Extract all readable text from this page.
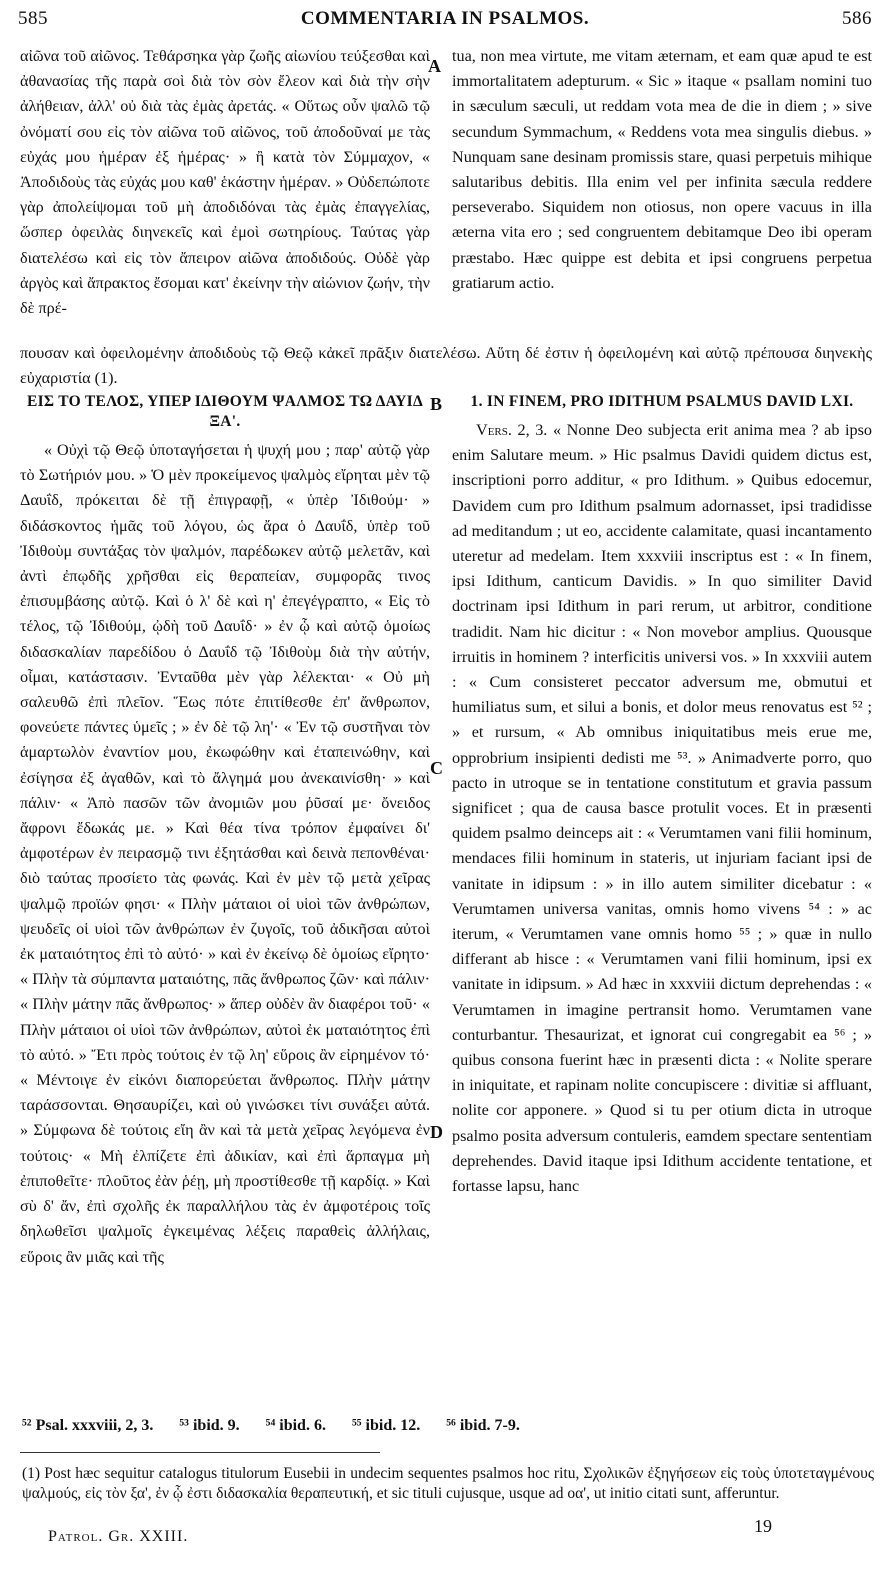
585	COMMENTARIA IN PSALMOS.	586

αἰῶνα τοῦ αἰῶνος. Τεθάρσηκα γὰρ ζωῆς αἰωνίου τεύξεσθαι καὶ ἀθανασίας τῆς παρὰ σοὶ διὰ τὸν σὸν ἔλεον καὶ διὰ τὴν σὴν ἀλήθειαν, ἀλλ' οὐ διὰ τὰς ἐμὰς ἀρετάς. « Οὕτως οὖν ψαλῶ τῷ ὀνόματί σου εἰς τὸν αἰῶνα τοῦ αἰῶνος, τοῦ ἀποδοῦναί με τὰς εὐχάς μου ἡμέραν ἐξ ἡμέρας· » ἢ κατὰ τὸν Σύμμαχον, « Ἀποδιδοὺς τὰς εὐχάς μου καθ' ἑκάστην ἡμέραν. » Οὐδεπώποτε γὰρ ἀπολείψομαι τοῦ μὴ ἀποδιδόναι τὰς ἐμὰς ἐπαγγελίας, ὥσπερ ὀφειλὰς διηνεκεῖς καὶ ἐμοὶ σωτηρίους. Ταύτας γὰρ διατελέσω καὶ εἰς τὸν ἄπειρον αἰῶνα ἀποδιδούς. Οὐδὲ γὰρ ἀργὸς καὶ ἄπρακτος ἔσομαι κατ' ἐκείνην τὴν αἰώνιον ζωήν, τὴν δὲ πρέ-

tua, non mea virtute, me vitam æternam, et eam quæ apud te est immortalitatem adepturum. « Sic » itaque « psallam nomini tuo in sæculum sæculi, ut reddam vota mea de die in diem ; » sive secundum Symmachum, « Reddens vota mea singulis diebus. » Nunquam sane desinam promissis stare, quasi perpetuis mihique salutaribus debitis. Illa enim vel per infinita sæcula reddere perseverabo. Siquidem non otiosus, non opere vacuus in illa æterna vita ero ; sed congruentem debitamque Deo ibi operam præstabo. Hæc quippe est debita et ipsi congruens perpetua gratiarum actio.

A

πουσαν καὶ ὀφειλομένην ἀποδιδοὺς τῷ Θεῷ κἀκεῖ πρᾶξιν διατελέσω. Αὕτη δέ ἐστιν ἡ ὀφειλομένη καὶ αὐτῷ πρέπουσα διηνεκὴς εὐχαριστία (1).

ΕΙΣ ΤΟ ΤΕΛΟΣ, ΥΠΕΡ ΙΔΙΘΟΥΜ ΨΑΛΜΟΣ ΤΩ ΔΑΥΙΔ ΞΑ'.

« Οὐχὶ τῷ Θεῷ ὑποταγήσεται ἡ ψυχή μου ; παρ' αὐτῷ γὰρ τὸ Σωτήριόν μου. » Ὁ μὲν προκείμενος ψαλμὸς εἴρηται μὲν τῷ Δαυΐδ, πρόκειται δὲ τῇ ἐπιγραφῇ, « ὑπὲρ Ἰδιθούμ· » διδάσκοντος ἡμᾶς τοῦ λόγου, ὡς ἄρα ὁ Δαυΐδ, ὑπὲρ τοῦ Ἰδιθοὺμ συντάξας τὸν ψαλμόν, παρέδωκεν αὐτῷ μελετᾶν, καὶ ἀντὶ ἐπῳδῆς χρῆσθαι εἰς θεραπείαν, συμφορᾶς τινος ἐπισυμβάσης αὐτῷ. Καὶ ὁ λ' δὲ καὶ η' ἐπεγέγραπτο, « Εἰς τὸ τέλος, τῷ Ἰδιθούμ, ᾠδὴ τοῦ Δαυΐδ· » ἐν ᾧ καὶ αὐτῷ ὁμοίως διδασκαλίαν παρεδίδου ὁ Δαυΐδ τῷ Ἰδιθοὺμ διὰ τὴν αὐτήν, οἶμαι, κατάστασιν. Ἐνταῦθα μὲν γὰρ λέλεκται· « Οὐ μὴ σαλευθῶ ἐπὶ πλεῖον. Ἕως πότε ἐπιτίθεσθε ἐπ' ἄνθρωπον, φονεύετε πάντες ὑμεῖς ; » ἐν δὲ τῷ λη'· « Ἐν τῷ συστῆναι τὸν ἁμαρτωλὸν ἐναντίον μου, ἐκωφώθην καὶ ἐταπεινώθην, καὶ ἐσίγησα ἐξ ἀγαθῶν, καὶ τὸ ἄλγημά μου ἀνεκαινίσθη· » καὶ πάλιν· « Ἀπὸ πασῶν τῶν ἀνομιῶν μου ῥῦσαί με· ὄνειδος ἄφρονι ἔδωκάς με. » Καὶ θέα τίνα τρόπον ἐμφαίνει δι' ἀμφοτέρων ἐν πειρασμῷ τινι ἐξητάσθαι καὶ δεινὰ πεπονθέναι· διὸ ταύτας προσίετο τὰς φωνάς. Καὶ ἐν μὲν τῷ μετὰ χεῖρας ψαλμῷ προϊών φησι· « Πλὴν μάταιοι οἱ υἱοὶ τῶν ἀνθρώπων, ψευδεῖς οἱ υἱοὶ τῶν ἀνθρώπων ἐν ζυγοῖς, τοῦ ἀδικῆσαι αὐτοὶ ἐκ ματαιότητος ἐπὶ τὸ αὐτό· » καὶ ἐν ἐκείνῳ δὲ ὁμοίως εἴρητο· « Πλὴν τὰ σύμπαντα ματαιότης, πᾶς ἄνθρωπος ζῶν· καὶ πάλιν· « Πλὴν μάτην πᾶς ἄνθρωπος· » ἅπερ οὐδὲν ἂν διαφέροι τοῦ· « Πλὴν μάταιοι οἱ υἱοὶ τῶν ἀνθρώπων, αὐτοὶ ἐκ ματαιότητος ἐπὶ τὸ αὐτό. » Ἔτι πρὸς τούτοις ἐν τῷ λη' εὕροις ἂν εἰρημένον τό· « Μέντοιγε ἐν εἰκόνι διαπορεύεται ἄνθρωπος. Πλὴν μάτην ταράσσονται. Θησαυρίζει, καὶ οὐ γινώσκει τίνι συνάξει αὐτά. » Σύμφωνα δὲ τούτοις εἴη ἂν καὶ τὰ μετὰ χεῖρας λεγόμενα ἐν τούτοις· « Μὴ ἐλπίζετε ἐπὶ ἀδικίαν, καὶ ἐπὶ ἅρπαγμα μὴ ἐπιποθεῖτε· πλοῦτος ἐὰν ῥέῃ, μὴ προστίθεσθε τῇ καρδίᾳ. » Καὶ σὺ δ' ἄν, ἐπὶ σχολῆς ἐκ παραλλήλου τὰς ἐν ἀμφοτέροις τοῖς δηλωθεῖσι ψαλμοῖς ἐγκειμένας λέξεις παραθεὶς ἀλλήλαις, εὕροις ἂν μιᾶς καὶ τῆς

1. IN FINEM, PRO IDITHUM PSALMUS DAVID LXI.

Vers. 2, 3. « Nonne Deo subjecta erit anima mea ? ab ipso enim Salutare meum. » Hic psalmus Davidi quidem dictus est, inscriptioni porro additur, « pro Idithum. » Quibus edocemur, Davidem cum pro Idithum psalmum adornasset, ipsi tradidisse ad meditandum ; ut eo, accidente calamitate, quasi incantamento uteretur ad medelam. Item xxxviii inscriptus est : « In finem, ipsi Idithum, canticum Davidis. » In quo similiter David doctrinam ipsi Idithum in pari rerum, ut arbitror, conditione tradidit. Nam hic dicitur : « Non movebor amplius. Quousque irruitis in hominem ? interficitis universi vos. » In xxxviii autem : « Cum consisteret peccator adversum me, obmutui et humiliatus sum, et silui a bonis, et dolor meus renovatus est ⁵² ; » et rursum, « Ab omnibus iniquitatibus meis erue me, opprobrium insipienti dedisti me ⁵³. » Animadverte porro, quo pacto in utroque se in tentatione constitutum et gravia passum significet ; qua de causa basce protulit voces. Et in præsenti quidem psalmo deinceps ait : « Verumtamen vani filii hominum, mendaces filii hominum in stateris, ut injuriam faciant ipsi de vanitate in idipsum : » in illo autem similiter dicebatur : « Verumtamen universa vanitas, omnis homo vivens ⁵⁴ : » ac iterum, « Verumtamen vane omnis homo ⁵⁵ ; » quæ in nullo differant ab hisce : « Verumtamen vani filii hominum, ipsi ex vanitate in idipsum. » Ad hæc in xxxviii dictum deprehendas : « Verumtamen in imagine pertransit homo. Verumtamen vane conturbantur. Thesaurizat, et ignorat cui congregabit ea ⁵⁶ ; » quibus consona fuerint hæc in præsenti dicta : « Nolite sperare in iniquitate, et rapinam nolite concupiscere : divitiæ si affluant, nolite cor apponere. » Quod si tu per otium dicta in utroque psalmo posita adversum contuleris, eamdem spectare sententiam deprehendes. David itaque ipsi Idithum accidente tentatione, et fortasse lapsu, hanc

B
C
D
⁵² Psal. xxxviii, 2, 3. ⁵³ ibid. 9. ⁵⁴ ibid. 6. ⁵⁵ ibid. 12. ⁵⁶ ibid. 7-9.
(1) Post hæc sequitur catalogus titulorum Eusebii in undecim sequentes psalmos hoc ritu, Σχολικῶν ἐξηγήσεων εἰς τοὺς ὑποτεταγμένους ψαλμούς, εἰς τὸν ξα', ἐν ᾧ ἐστι διδασκαλία θεραπευτική, et sic tituli cujusque, usque ad οα', ut initio citati sunt, afferuntur.
Patrol. Gr. XXIII.
19
